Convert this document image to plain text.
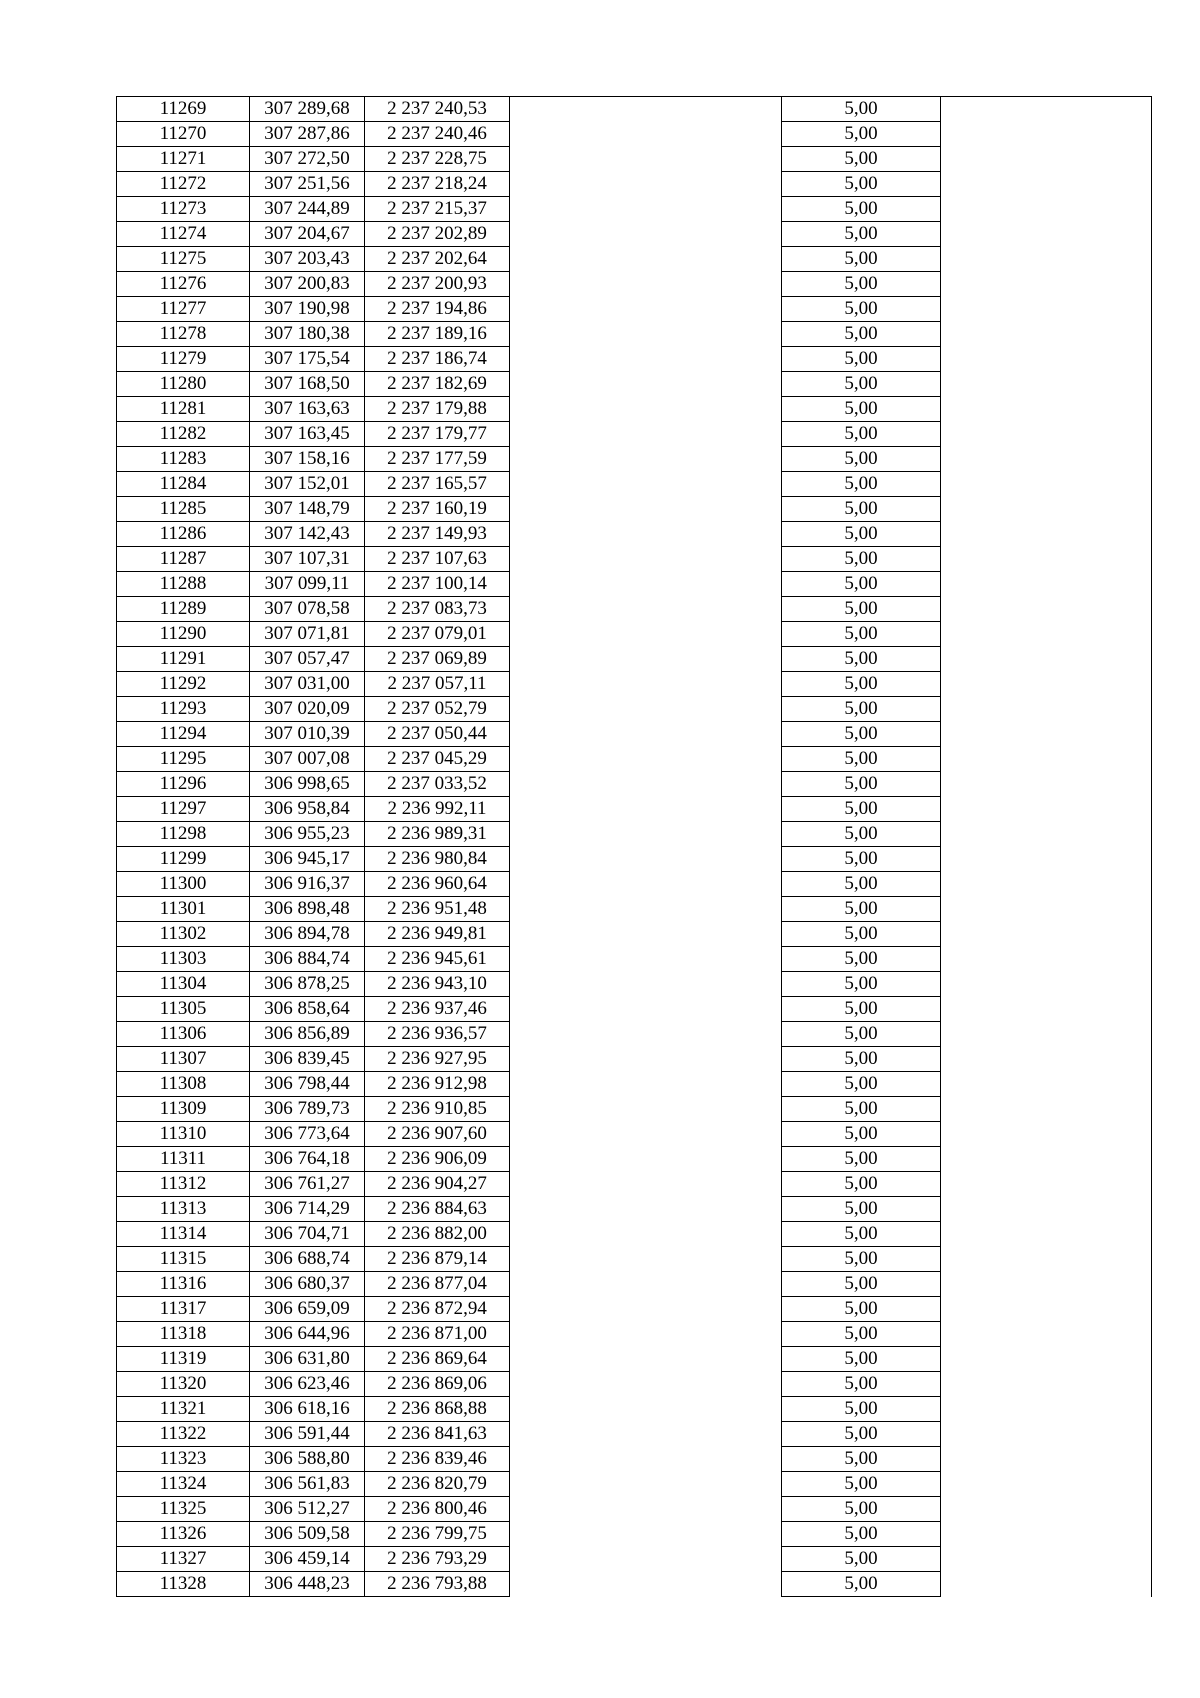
11269	307 289,68	2 237 240,53		5,00	
11270	307 287,86	2 237 240,46		5,00	
11271	307 272,50	2 237 228,75		5,00	
11272	307 251,56	2 237 218,24		5,00	
11273	307 244,89	2 237 215,37		5,00	
11274	307 204,67	2 237 202,89		5,00	
11275	307 203,43	2 237 202,64		5,00	
11276	307 200,83	2 237 200,93		5,00	
11277	307 190,98	2 237 194,86		5,00	
11278	307 180,38	2 237 189,16		5,00	
11279	307 175,54	2 237 186,74		5,00	
11280	307 168,50	2 237 182,69		5,00	
11281	307 163,63	2 237 179,88		5,00	
11282	307 163,45	2 237 179,77		5,00	
11283	307 158,16	2 237 177,59		5,00	
11284	307 152,01	2 237 165,57		5,00	
11285	307 148,79	2 237 160,19		5,00	
11286	307 142,43	2 237 149,93		5,00	
11287	307 107,31	2 237 107,63		5,00	
11288	307 099,11	2 237 100,14		5,00	
11289	307 078,58	2 237 083,73		5,00	
11290	307 071,81	2 237 079,01		5,00	
11291	307 057,47	2 237 069,89		5,00	
11292	307 031,00	2 237 057,11		5,00	
11293	307 020,09	2 237 052,79		5,00	
11294	307 010,39	2 237 050,44		5,00	
11295	307 007,08	2 237 045,29		5,00	
11296	306 998,65	2 237 033,52		5,00	
11297	306 958,84	2 236 992,11		5,00	
11298	306 955,23	2 236 989,31		5,00	
11299	306 945,17	2 236 980,84		5,00	
11300	306 916,37	2 236 960,64		5,00	
11301	306 898,48	2 236 951,48		5,00	
11302	306 894,78	2 236 949,81		5,00	
11303	306 884,74	2 236 945,61		5,00	
11304	306 878,25	2 236 943,10		5,00	
11305	306 858,64	2 236 937,46		5,00	
11306	306 856,89	2 236 936,57		5,00	
11307	306 839,45	2 236 927,95		5,00	
11308	306 798,44	2 236 912,98		5,00	
11309	306 789,73	2 236 910,85		5,00	
11310	306 773,64	2 236 907,60		5,00	
11311	306 764,18	2 236 906,09		5,00	
11312	306 761,27	2 236 904,27		5,00	
11313	306 714,29	2 236 884,63		5,00	
11314	306 704,71	2 236 882,00		5,00	
11315	306 688,74	2 236 879,14		5,00	
11316	306 680,37	2 236 877,04		5,00	
11317	306 659,09	2 236 872,94		5,00	
11318	306 644,96	2 236 871,00		5,00	
11319	306 631,80	2 236 869,64		5,00	
11320	306 623,46	2 236 869,06		5,00	
11321	306 618,16	2 236 868,88		5,00	
11322	306 591,44	2 236 841,63		5,00	
11323	306 588,80	2 236 839,46		5,00	
11324	306 561,83	2 236 820,79		5,00	
11325	306 512,27	2 236 800,46		5,00	
11326	306 509,58	2 236 799,75		5,00	
11327	306 459,14	2 236 793,29		5,00	
11328	306 448,23	2 236 793,88		5,00	
